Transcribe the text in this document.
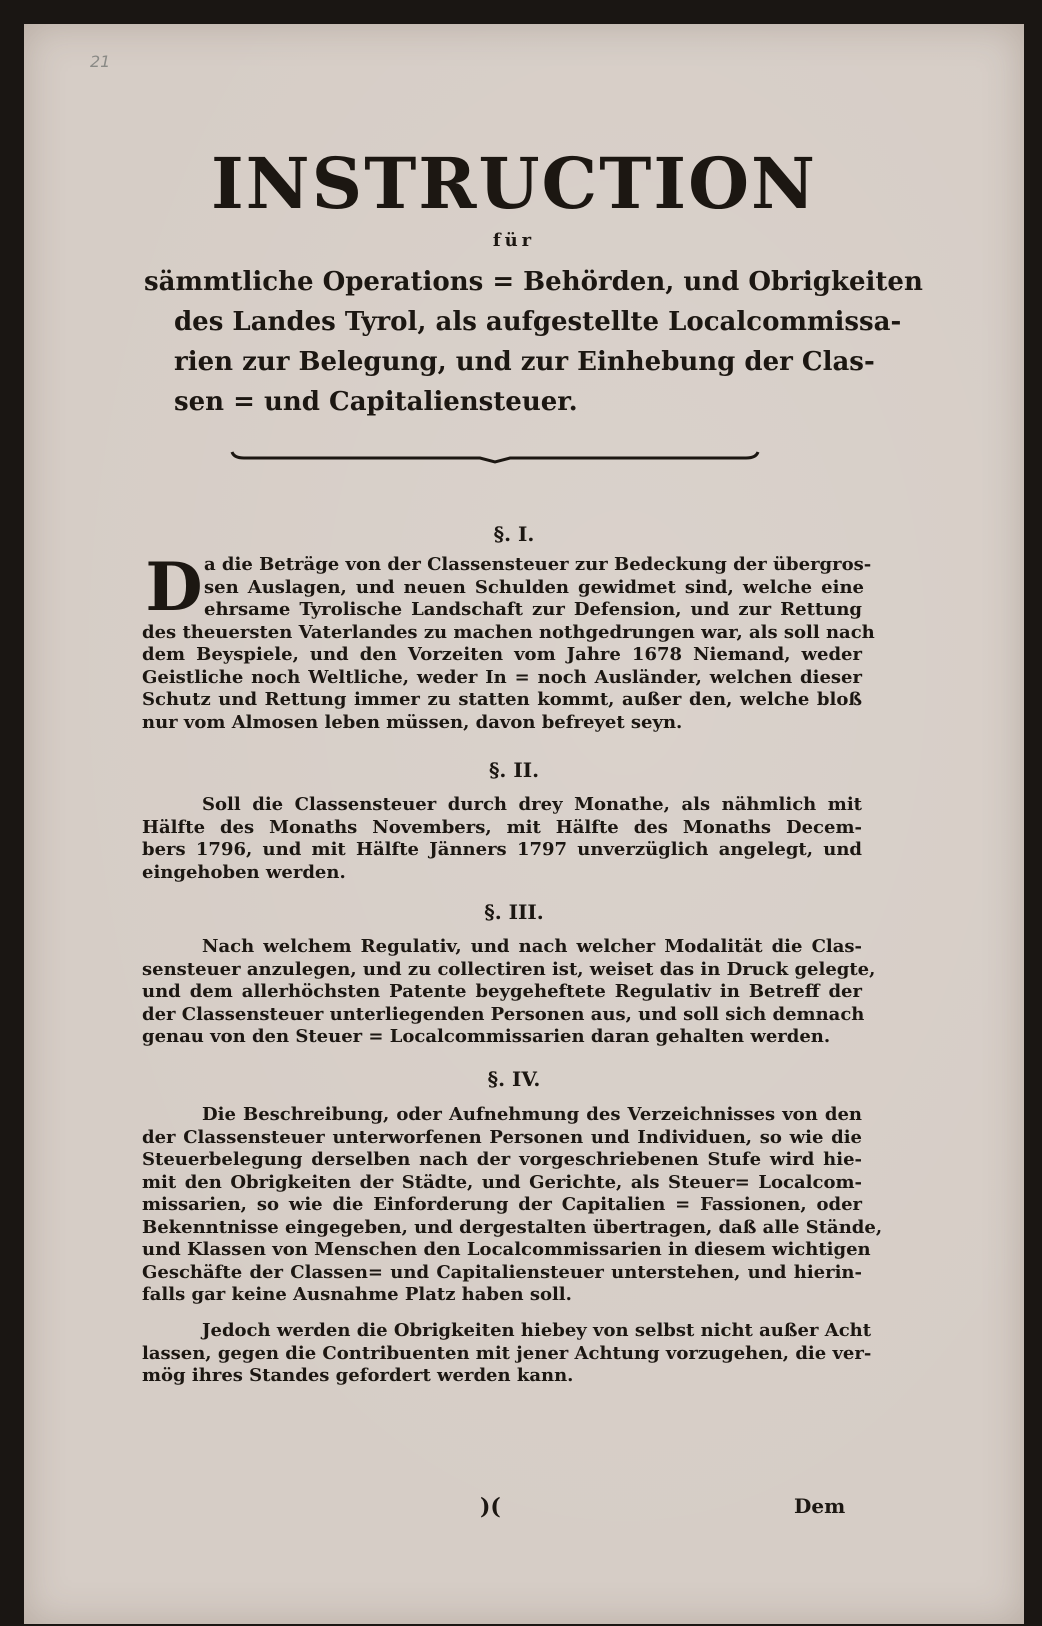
21
INSTRUCTION
für
sämmtliche Operations = Behörden, und Obrigkeiten
des Landes Tyrol, als aufgestellte Localcommissa-
rien zur Belegung, und zur Einhebung der Clas-
sen = und Capitaliensteuer.
§. I.
D a die Beträge von der Classensteuer zur Bedeckung der übergros-
sen Auslagen, und neuen Schulden gewidmet sind, welche eine
ehrsame Tyrolische Landschaft zur Defension, und zur Rettung
des theuersten Vaterlandes zu machen nothgedrungen war, als soll nach
dem Beyspiele, und den Vorzeiten vom Jahre 1678 Niemand, weder
Geistliche noch Weltliche, weder In = noch Ausländer, welchen dieser
Schutz und Rettung immer zu statten kommt, außer den, welche bloß
nur vom Almosen leben müssen, davon befreyet seyn.
§. II.
Soll die Classensteuer durch drey Monathe, als nähmlich mit
Hälfte des Monaths Novembers, mit Hälfte des Monaths Decem-
bers 1796, und mit Hälfte Jänners 1797 unverzüglich angelegt, und
eingehoben werden.
§. III.
Nach welchem Regulativ, und nach welcher Modalität die Clas-
sensteuer anzulegen, und zu collectiren ist, weiset das in Druck gelegte,
und dem allerhöchsten Patente beygeheftete Regulativ in Betreff der
der Classensteuer unterliegenden Personen aus, und soll sich demnach
genau von den Steuer = Localcommissarien daran gehalten werden.
§. IV.
Die Beschreibung, oder Aufnehmung des Verzeichnisses von den
der Classensteuer unterworfenen Personen und Individuen, so wie die
Steuerbelegung derselben nach der vorgeschriebenen Stufe wird hie-
mit den Obrigkeiten der Städte, und Gerichte, als Steuer= Localcom-
missarien, so wie die Einforderung der Capitalien = Fassionen, oder
Bekenntnisse eingegeben, und dergestalten übertragen, daß alle Stände,
und Klassen von Menschen den Localcommissarien in diesem wichtigen
Geschäfte der Classen= und Capitaliensteuer unterstehen, und hierin-
falls gar keine Ausnahme Platz haben soll.
Jedoch werden die Obrigkeiten hiebey von selbst nicht außer Acht
lassen, gegen die Contribuenten mit jener Achtung vorzugehen, die ver-
mög ihres Standes gefordert werden kann.
)(	Dem
